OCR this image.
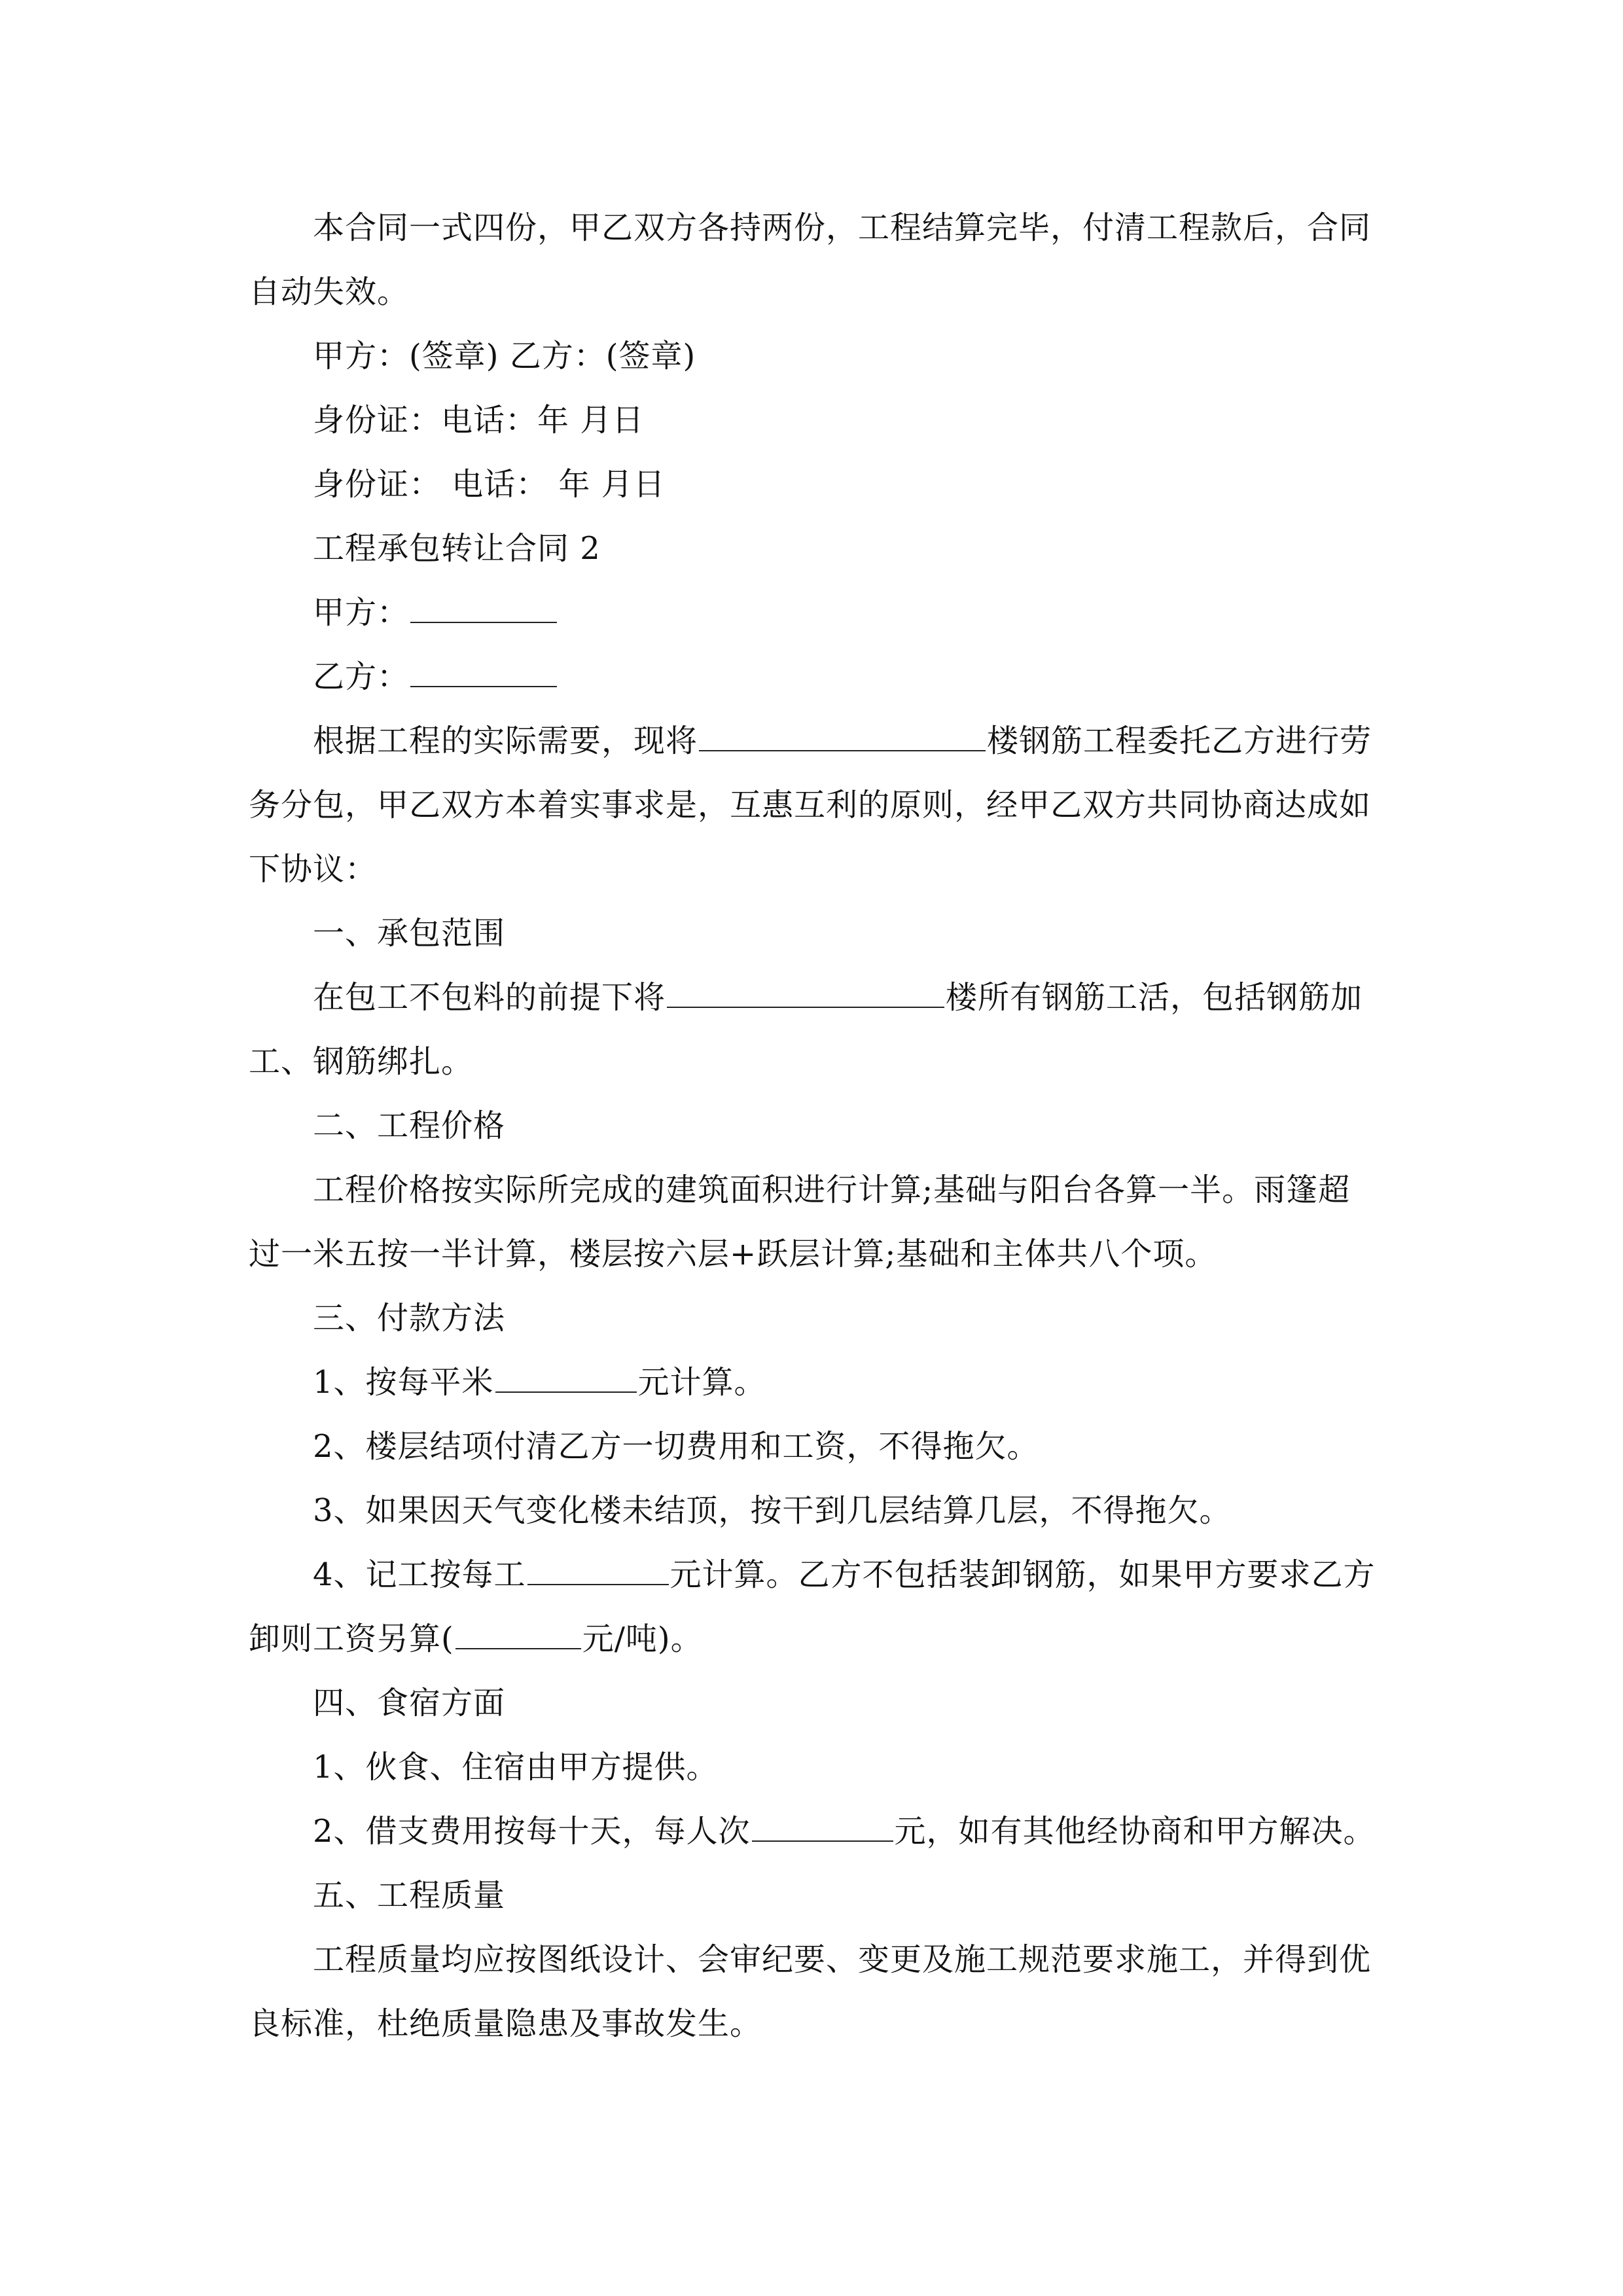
本合同一式四份，甲乙双方各持两份，工程结算完毕，付清工程款后，合同
自动失效。
甲方：(签章) 乙方：(签章)
身份证：电话：年 月日
身份证： 电话： 年 月日
工程承包转让合同 2
甲方：
乙方：
根据工程的实际需要，现将	楼钢筋工程委托乙方进行劳
务分包，甲乙双方本着实事求是，互惠互利的原则，经甲乙双方共同协商达成如
下协议：
一、承包范围
在包工不包料的前提下将	楼所有钢筋工活，包括钢筋加
工、钢筋绑扎。
二、工程价格
工程价格按实际所完成的建筑面积进行计算;基础与阳台各算一半。雨篷超
过一米五按一半计算，楼层按六层+跃层计算;基础和主体共八个项。
三、付款方法
1、按每平米	元计算。
2、楼层结项付清乙方一切费用和工资，不得拖欠。
3、如果因天气变化楼未结顶，按干到几层结算几层，不得拖欠。
4、记工按每工	元计算。乙方不包括装卸钢筋，如果甲方要求乙方
卸则工资另算(	元/吨)。
四、食宿方面
1、伙食、住宿由甲方提供。
2、借支费用按每十天，每人次	元，如有其他经协商和甲方解决。
五、工程质量
工程质量均应按图纸设计、会审纪要、变更及施工规范要求施工，并得到优
良标准，杜绝质量隐患及事故发生。
